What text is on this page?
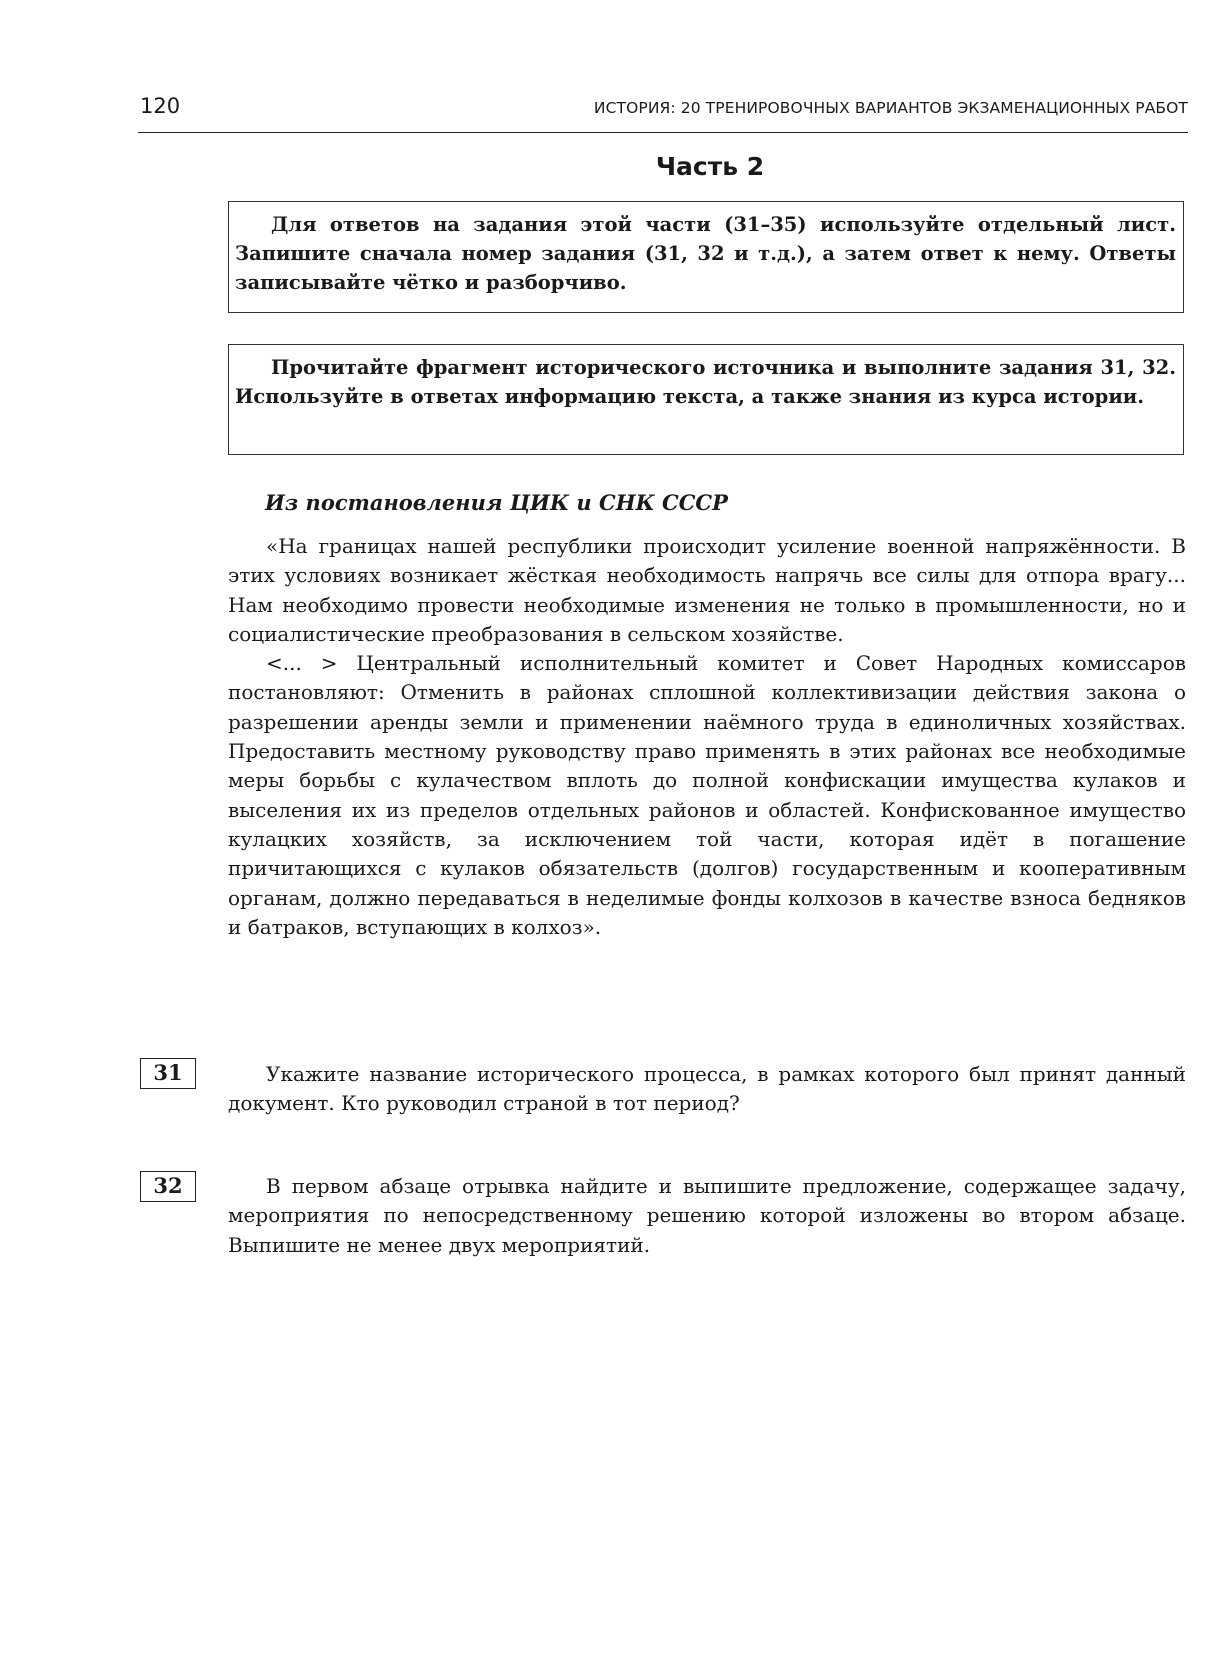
120	ИСТОРИЯ: 20 ТРЕНИРОВОЧНЫХ ВАРИАНТОВ ЭКЗАМЕНАЦИОННЫХ РАБОТ
Часть 2

Для ответов на задания этой части (31–35) используйте отдельный лист. Запишите сначала номер задания (31, 32 и т.д.), а затем ответ к нему. Ответы записывайте чётко и разборчиво.

Прочитайте фрагмент исторического источника и выполните задания 31, 32. Используйте в ответах информацию текста, а также знания из курса истории.

Из постановления ЦИК и СНК СССР

«На границах нашей республики происходит усиление военной напряжённости. В этих условиях возникает жёсткая необходимость напрячь все силы для отпора врагу... Нам необходимо провести необходимые изменения не только в промышленности, но и социалистические преобразования в сельском хозяйстве.

<... > Центральный исполнительный комитет и Совет Народных комиссаров постановляют: Отменить в районах сплошной коллективизации действия закона о разрешении аренды земли и применении наёмного труда в единоличных хозяйствах. Предоставить местному руководству право применять в этих районах все необходимые меры борьбы с кулачеством вплоть до полной конфискации имущества кулаков и выселения их из пределов отдельных районов и областей. Конфискованное имущество кулацких хозяйств, за исключением той части, которая идёт в погашение причитающихся с кулаков обязательств (долгов) государственным и кооперативным органам, должно передаваться в неделимые фонды колхозов в качестве взноса бедняков и батраков, вступающих в колхоз».

31	Укажите название исторического процесса, в рамках которого был принят данный документ. Кто руководил страной в тот период?

32	В первом абзаце отрывка найдите и выпишите предложение, содержащее задачу, мероприятия по непосредственному решению которой изложены во втором абзаце. Выпишите не менее двух мероприятий.
